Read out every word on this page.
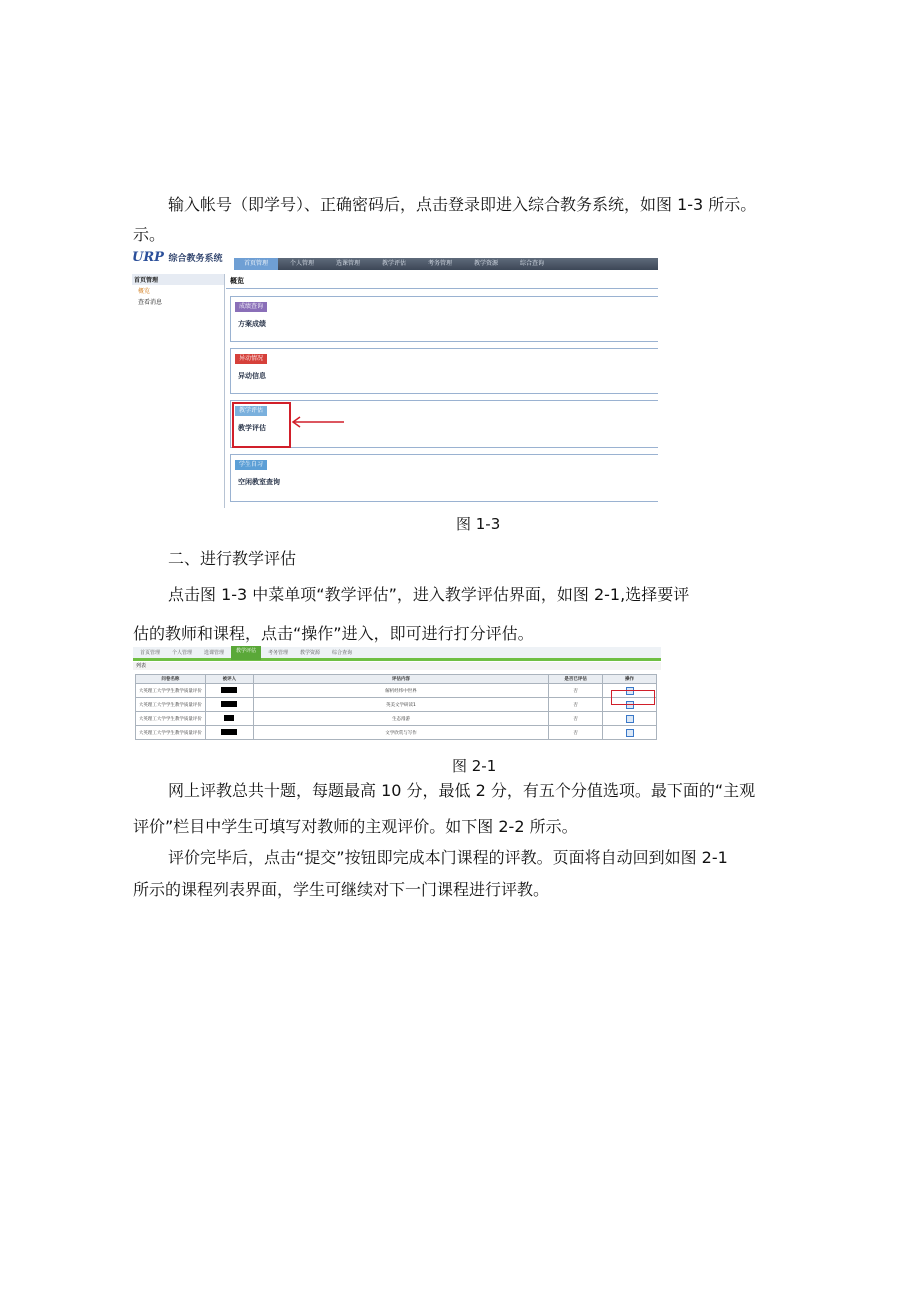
输入帐号（即学号）、正确密码后，点击登录即进入综合教务系统，如图 1-3 所示。
示。
URP 综合教务系统	首页管理	个人管理	选课管理	教学评估	考务管理	教学资源	综合查询
首页管理
概览
查看消息
概览
成绩查询
方案成绩
异动情况
异动信息
教学评估
教学评估
学生自习
空闲教室查询
图 1-3
二、进行教学评估
点击图 1-3 中菜单项“教学评估”，进入教学评估界面，如图 2-1,选择要评
估的教师和课程，点击“操作”进入，即可进行打分评估。
首页管理	个人管理	选课管理	教学评估	考务管理	教学资源	综合查询
列表
问卷名称	被评人	评估内容	是否已评估	操作
大英理工大学学生教学质量评价		解析经纬中世界	否	
大英理工大学学生教学质量评价		英美文学研读1	否	
大英理工大学学生教学质量评价		生态漫游	否	
大英理工大学学生教学质量评价		文学欣赏与写作	否	
图 2-1
网上评教总共十题，每题最高 10 分，最低 2 分，有五个分值选项。最下面的“主观
评价”栏目中学生可填写对教师的主观评价。如下图 2-2 所示。
评价完毕后，点击“提交”按钮即完成本门课程的评教。页面将自动回到如图 2-1
所示的课程列表界面，学生可继续对下一门课程进行评教。
